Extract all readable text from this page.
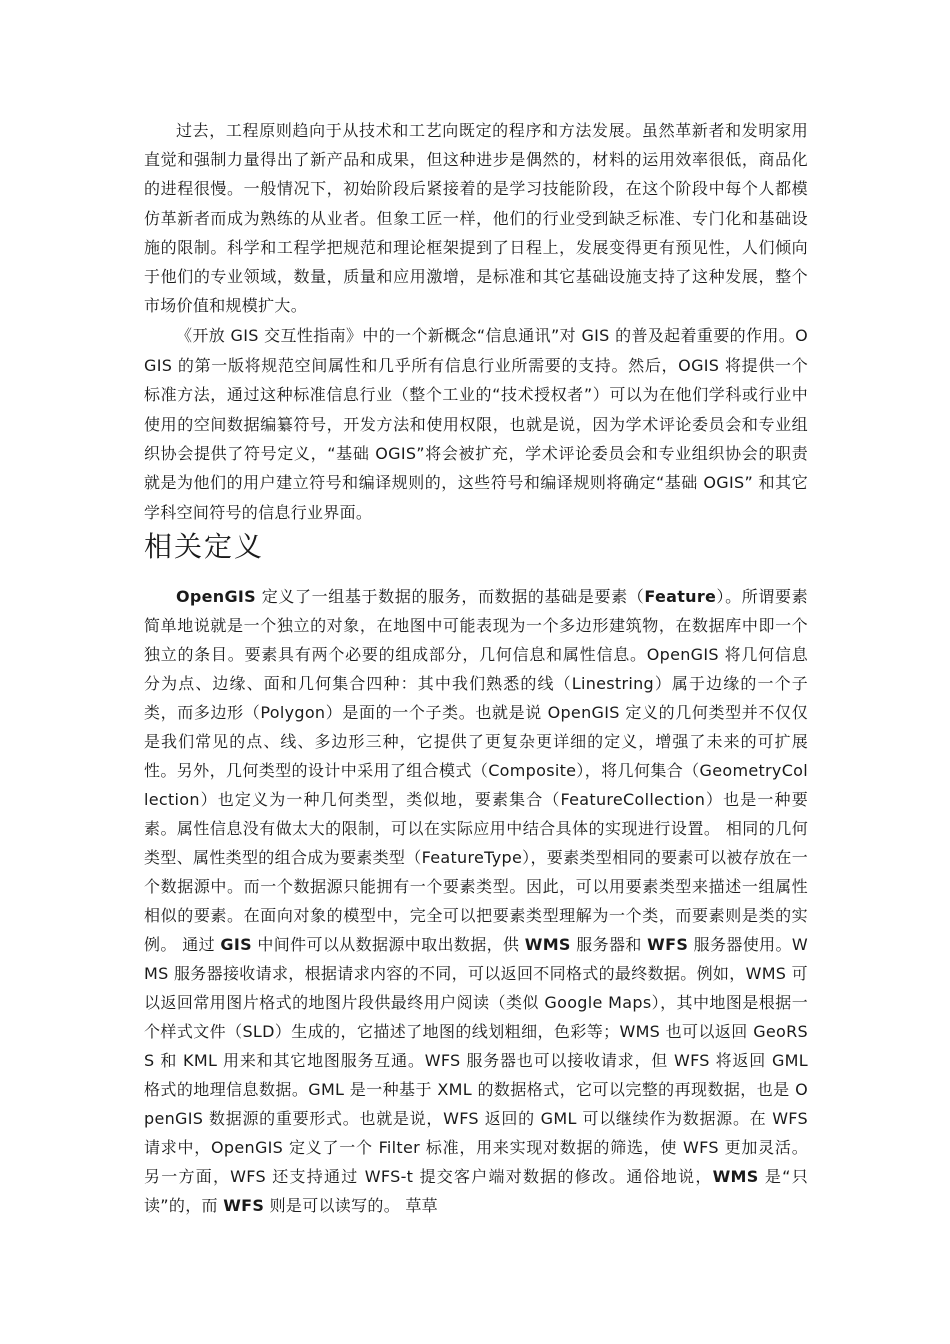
过去，工程原则趋向于从技术和工艺向既定的程序和方法发展。虽然革新者和发明家用直觉和强制力量得出了新产品和成果，但这种进步是偶然的，材料的运用效率很低，商品化的进程很慢。一般情况下，初始阶段后紧接着的是学习技能阶段，在这个阶段中每个人都模仿革新者而成为熟练的从业者。但象工匠一样，他们的行业受到缺乏标准、专门化和基础设施的限制。科学和工程学把规范和理论框架提到了日程上，发展变得更有预见性，人们倾向于他们的专业领域，数量，质量和应用激增，是标准和其它基础设施支持了这种发展，整个市场价值和规模扩大。

《开放 GIS 交互性指南》中的一个新概念“信息通讯”对 GIS 的普及起着重要的作用。OGIS 的第一版将规范空间属性和几乎所有信息行业所需要的支持。然后，OGIS 将提供一个标准方法，通过这种标准信息行业（整个工业的“技术授权者”）可以为在他们学科或行业中使用的空间数据编纂符号，开发方法和使用权限，也就是说，因为学术评论委员会和专业组织协会提供了符号定义，“基础 OGIS”将会被扩充，学术评论委员会和专业组织协会的职责就是为他们的用户建立符号和编译规则的，这些符号和编译规则将确定“基础 OGIS” 和其它学科空间符号的信息行业界面。

相关定义

OpenGIS 定义了一组基于数据的服务，而数据的基础是要素（Feature）。所谓要素简单地说就是一个独立的对象，在地图中可能表现为一个多边形建筑物，在数据库中即一个独立的条目。要素具有两个必要的组成部分，几何信息和属性信息。OpenGIS 将几何信息分为点、边缘、面和几何集合四种：其中我们熟悉的线（Linestring）属于边缘的一个子类，而多边形（Polygon）是面的一个子类。也就是说 OpenGIS 定义的几何类型并不仅仅是我们常见的点、线、多边形三种，它提供了更复杂更详细的定义，增强了未来的可扩展性。另外，几何类型的设计中采用了组合模式（Composite），将几何集合（GeometryCollection）也定义为一种几何类型，类似地，要素集合（FeatureCollection）也是一种要素。属性信息没有做太大的限制，可以在实际应用中结合具体的实现进行设置。 相同的几何类型、属性类型的组合成为要素类型（FeatureType），要素类型相同的要素可以被存放在一个数据源中。而一个数据源只能拥有一个要素类型。因此，可以用要素类型来描述一组属性相似的要素。在面向对象的模型中，完全可以把要素类型理解为一个类，而要素则是类的实例。 通过 GIS 中间件可以从数据源中取出数据，供 WMS 服务器和 WFS 服务器使用。WMS 服务器接收请求，根据请求内容的不同，可以返回不同格式的最终数据。例如，WMS 可以返回常用图片格式的地图片段供最终用户阅读（类似 Google Maps），其中地图是根据一个样式文件（SLD）生成的，它描述了地图的线划粗细，色彩等；WMS 也可以返回 GeoRSS 和 KML 用来和其它地图服务互通。WFS 服务器也可以接收请求，但 WFS 将返回 GML 格式的地理信息数据。GML 是一种基于 XML 的数据格式，它可以完整的再现数据，也是 OpenGIS 数据源的重要形式。也就是说，WFS 返回的 GML 可以继续作为数据源。在 WFS 请求中，OpenGIS 定义了一个 Filter 标准，用来实现对数据的筛选，使 WFS 更加灵活。另一方面，WFS 还支持通过 WFS-t 提交客户端对数据的修改。通俗地说，WMS 是“只读”的，而 WFS 则是可以读写的。 草草
